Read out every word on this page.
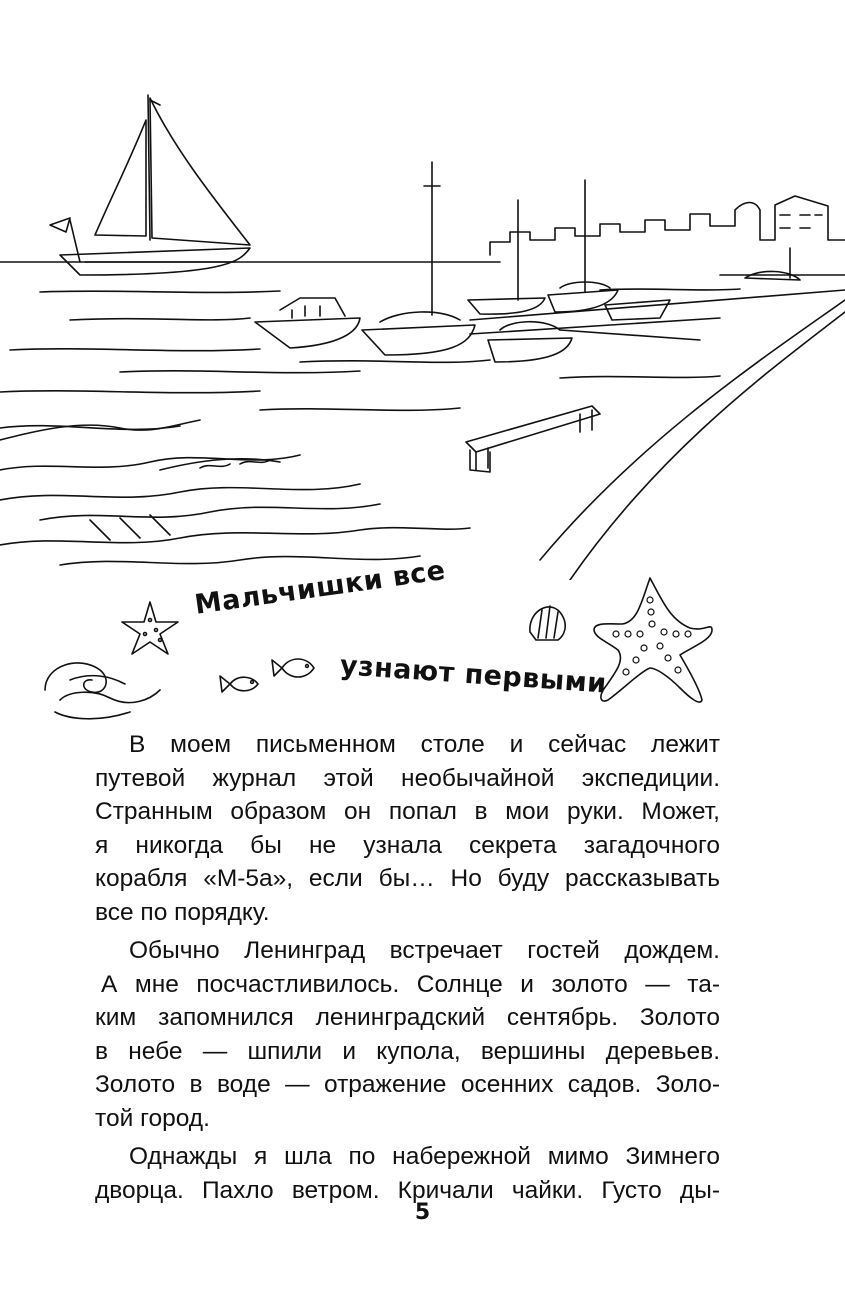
Мальчишки все
узнают первыми

В моем письменном столе и сейчас лежит
путевой журнал этой необычайной экспедиции.
Странным образом он попал в мои руки. Может,
я никогда бы не узнала секрета загадочного
корабля «М-5а», если бы… Но буду рассказывать
все по порядку.

Обычно Ленинград встречает гостей дождем.
А мне посчастливилось. Солнце и золото — та-
ким запомнился ленинградский сентябрь. Золото
в небе — шпили и купола, вершины деревьев.
Золото в воде — отражение осенних садов. Золо-
той город.

Однажды я шла по набережной мимо Зимнего
дворца. Пахло ветром. Кричали чайки. Густо ды-

5
